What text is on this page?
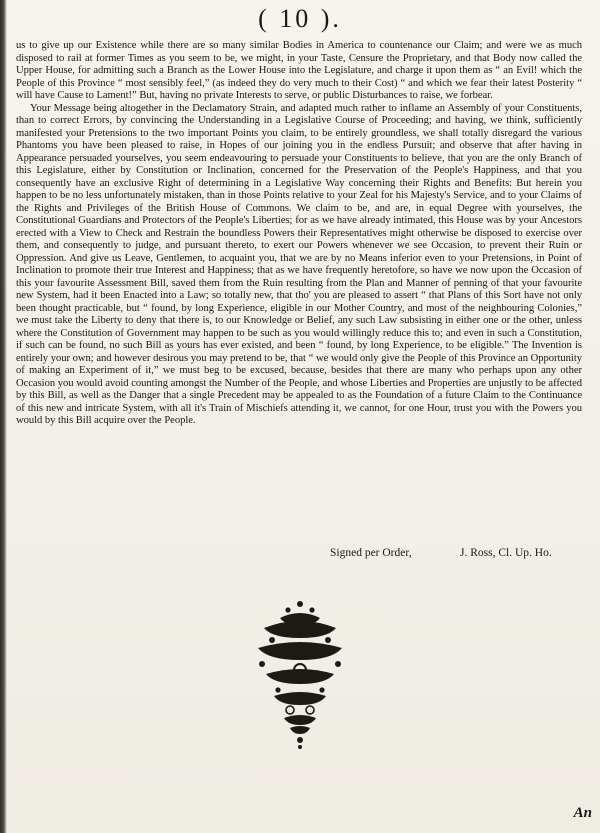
( 10 ).

us to give up our Existence while there are so many similar Bodies in America to countenance our Claim; and were we as much disposed to rail at former Times as you seem to be, we might, in your Taste, Censure the Proprietary, and that Body now called the Upper House, for admitting such a Branch as the Lower House into the Legislature, and charge it upon them as “ an Evil! which the People of this Province “ most sensibly feel,” (as indeed they do very much to their Cost) “ and which we fear their latest Posterity “ will have Cause to Lament!” But, having no private Interests to serve, or public Disturbances to raise, we forbear.

Your Message being altogether in the Declamatory Strain, and adapted much rather to inflame an Assembly of your Constituents, than to correct Errors, by convincing the Understanding in a Legislative Course of Proceeding; and having, we think, sufficiently manifested your Pretensions to the two important Points you claim, to be entirely groundless, we shall totally disregard the various Phantoms you have been pleased to raise, in Hopes of our joining you in the endless Pursuit; and observe that after having in Appearance persuaded yourselves, you seem endeavouring to persuade your Constituents to believe, that you are the only Branch of this Legislature, either by Constitution or Inclination, concerned for the Preservation of the People's Happiness, and that you consequently have an exclusive Right of determining in a Legislative Way concerning their Rights and Benefits: But herein you happen to be no less unfortunately mistaken, than in those Points relative to your Zeal for his Majesty's Service, and to your Claims of the Rights and Privileges of the British House of Commons. We claim to be, and are, in equal Degree with yourselves, the Constitutional Guardians and Protectors of the People's Liberties; for as we have already intimated, this House was by your Ancestors erected with a View to Check and Restrain the boundless Powers their Representatives might otherwise be disposed to exercise over them, and consequently to judge, and pursuant thereto, to exert our Powers whenever we see Occasion, to prevent their Ruin or Oppression. And give us Leave, Gentlemen, to acquaint you, that we are by no Means inferior even to your Pretensions, in Point of Inclination to promote their true Interest and Happiness; that as we have frequently heretofore, so have we now upon the Occasion of this your favourite Assessment Bill, saved them from the Ruin resulting from the Plan and Manner of penning of that your favourite new System, had it been Enacted into a Law; so totally new, that tho' you are pleased to assert “ that Plans of this Sort have not only been thought practicable, but “ found, by long Experience, eligible in our Mother Country, and most of the neighbouring Colonies,” we must take the Liberty to deny that there is, to our Knowledge or Belief, any such Law subsisting in either one or the other, unless where the Constitution of Government may happen to be such as you would willingly reduce this to; and even in such a Constitution, if such can be found, no such Bill as yours has ever existed, and been “ found, by long Experience, to be eligible.” The Invention is entirely your own; and however desirous you may pretend to be, that “ we would only give the People of this Province an Opportunity of making an Experiment of it,” we must beg to be excused, because, besides that there are many who perhaps upon any other Occasion you would avoid counting amongst the Number of the People, and whose Liberties and Properties are unjustly to be affected by this Bill, as well as the Danger that a single Precedent may be appealed to as the Foundation of a future Claim to the Continuance of this new and intricate System, with all it's Train of Mischiefs attending it, we cannot, for one Hour, trust you with the Powers you would by this Bill acquire over the People.

Signed per Order,	J. Ross, Cl. Up. Ho.
An
